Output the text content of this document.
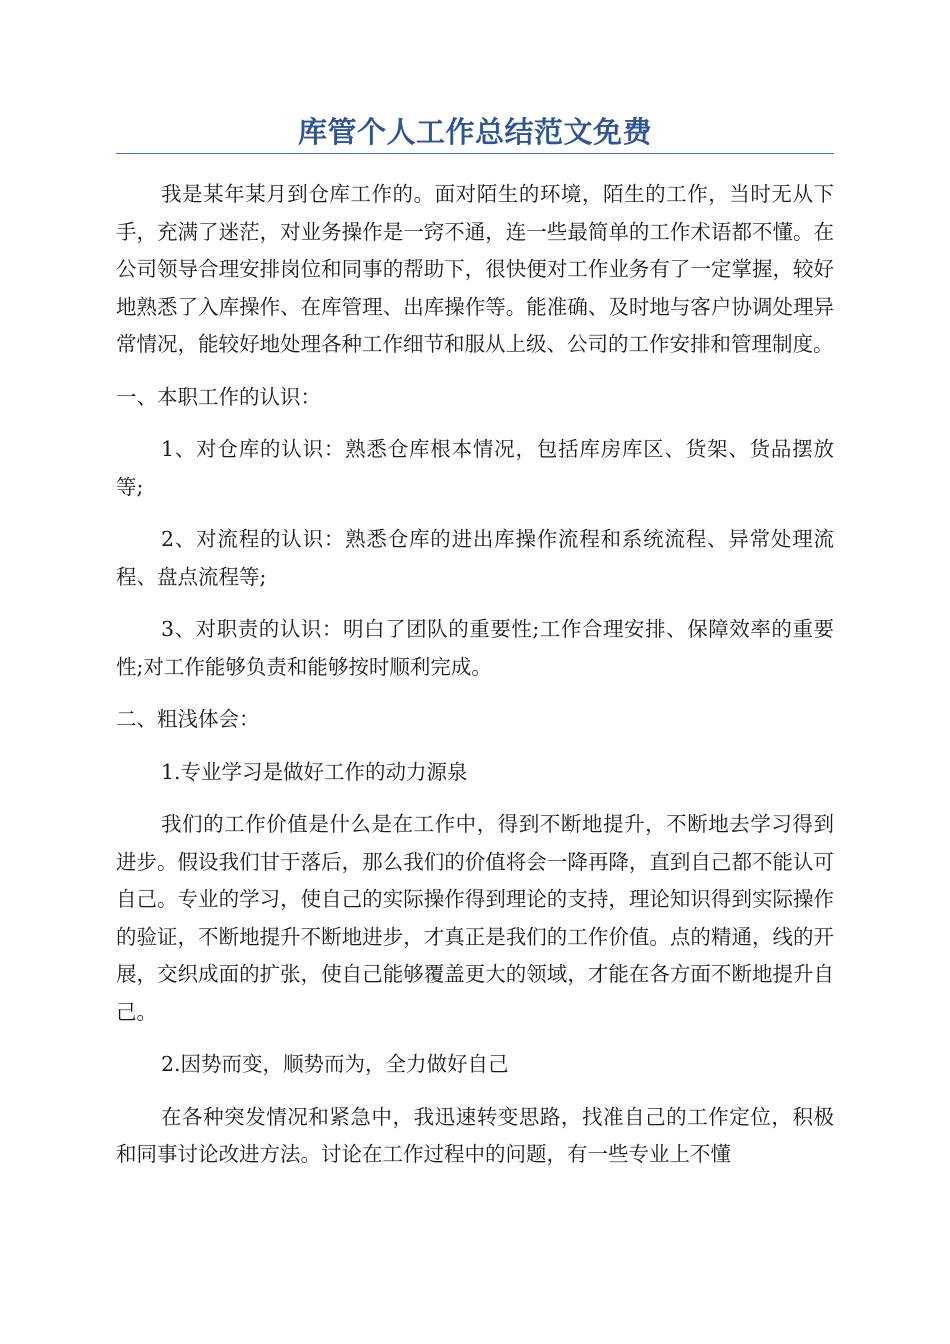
库管个人工作总结范文免费

我是某年某月到仓库工作的。面对陌生的环境，陌生的工作，当时无从下手，充满了迷茫，对业务操作是一窍不通，连一些最简单的工作术语都不懂。在公司领导合理安排岗位和同事的帮助下，很快便对工作业务有了一定掌握，较好地熟悉了入库操作、在库管理、出库操作等。能准确、及时地与客户协调处理异常情况，能较好地处理各种工作细节和服从上级、公司的工作安排和管理制度。

一、本职工作的认识：

1、对仓库的认识：熟悉仓库根本情况，包括库房库区、货架、货品摆放等;

2、对流程的认识：熟悉仓库的进出库操作流程和系统流程、异常处理流程、盘点流程等;

3、对职责的认识：明白了团队的重要性;工作合理安排、保障效率的重要性;对工作能够负责和能够按时顺利完成。

二、粗浅体会：

1.专业学习是做好工作的动力源泉

我们的工作价值是什么是在工作中，得到不断地提升，不断地去学习得到进步。假设我们甘于落后，那么我们的价值将会一降再降，直到自己都不能认可自己。专业的学习，使自己的实际操作得到理论的支持，理论知识得到实际操作的验证，不断地提升不断地进步，才真正是我们的工作价值。点的精通，线的开展，交织成面的扩张，使自己能够覆盖更大的领域，才能在各方面不断地提升自己。

2.因势而变，顺势而为，全力做好自己

在各种突发情况和紧急中，我迅速转变思路，找准自己的工作定位，积极和同事讨论改进方法。讨论在工作过程中的问题，有一些专业上不懂
